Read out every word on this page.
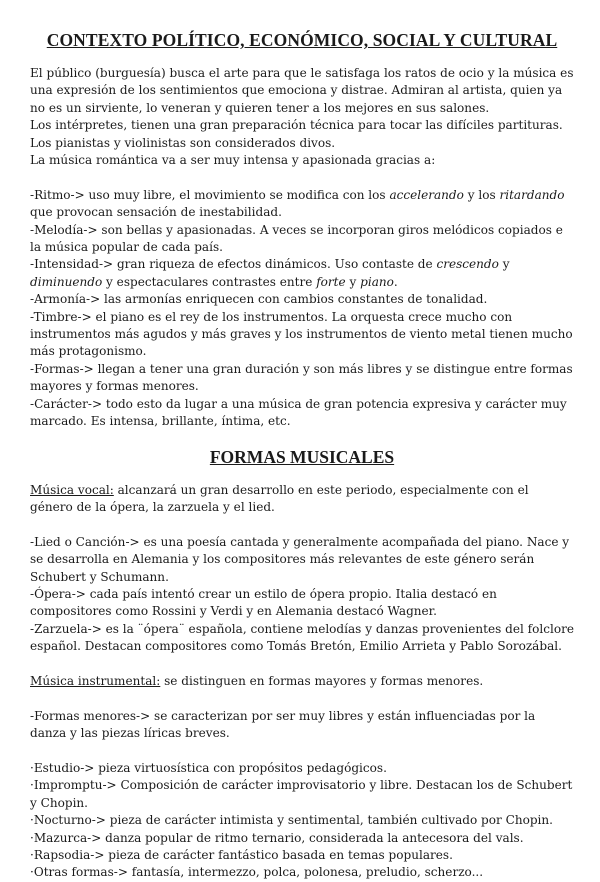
CONTEXTO POLÍTICO, ECONÓMICO, SOCIAL Y CULTURAL

El público (burguesía) busca el arte para que le satisfaga los ratos de ocio y la música es una expresión de los sentimientos que emociona y distrae. Admiran al artista, quien ya no es un sirviente, lo veneran y quieren tener a los mejores en sus salones.

Los intérpretes, tienen una gran preparación técnica para tocar las difíciles partituras. Los pianistas y violinistas son considerados divos.

La música romántica va a ser muy intensa y apasionada gracias a:

-Ritmo-> uso muy libre, el movimiento se modifica con los accelerando y los ritardando que provocan sensación de inestabilidad.

-Melodía-> son bellas y apasionadas. A veces se incorporan giros melódicos copiados e la música popular de cada país.

-Intensidad-> gran riqueza de efectos dinámicos. Uso contaste de crescendo y diminuendo y espectaculares contrastes entre forte y piano.

-Armonía-> las armonías enriquecen con cambios constantes de tonalidad.

-Timbre-> el piano es el rey de los instrumentos. La orquesta crece mucho con instrumentos más agudos y más graves y los instrumentos de viento metal tienen mucho más protagonismo.

-Formas-> llegan a tener una gran duración y son más libres y se distingue entre formas mayores y formas menores.

-Carácter-> todo esto da lugar a una música de gran potencia expresiva y carácter muy marcado. Es intensa, brillante, íntima, etc.

FORMAS MUSICALES

Música vocal: alcanzará un gran desarrollo en este periodo, especialmente con el género de la ópera, la zarzuela y el lied.

-Lied o Canción-> es una poesía cantada y generalmente acompañada del piano. Nace y se desarrolla en Alemania y los compositores más relevantes de este género serán Schubert y Schumann.

-Ópera-> cada país intentó crear un estilo de ópera propio. Italia destacó en compositores como Rossini y Verdi y en Alemania destacó Wagner.

-Zarzuela-> es la ¨ópera¨ española, contiene melodías y danzas provenientes del folclore español. Destacan compositores como Tomás Bretón, Emilio Arrieta y Pablo Sorozábal.

Música instrumental: se distinguen en formas mayores y formas menores.

-Formas menores-> se caracterizan por ser muy libres y están influenciadas por la danza y las piezas líricas breves.

·Estudio-> pieza virtuosística con propósitos pedagógicos.

·Impromptu-> Composición de carácter improvisatorio y libre. Destacan los de Schubert y Chopin.

·Nocturno-> pieza de carácter intimista y sentimental, también cultivado por Chopin.

·Mazurca-> danza popular de ritmo ternario, considerada la antecesora del vals.

·Rapsodia-> pieza de carácter fantástico basada en temas populares.

·Otras formas-> fantasía, intermezzo, polca, polonesa, preludio, scherzo...
